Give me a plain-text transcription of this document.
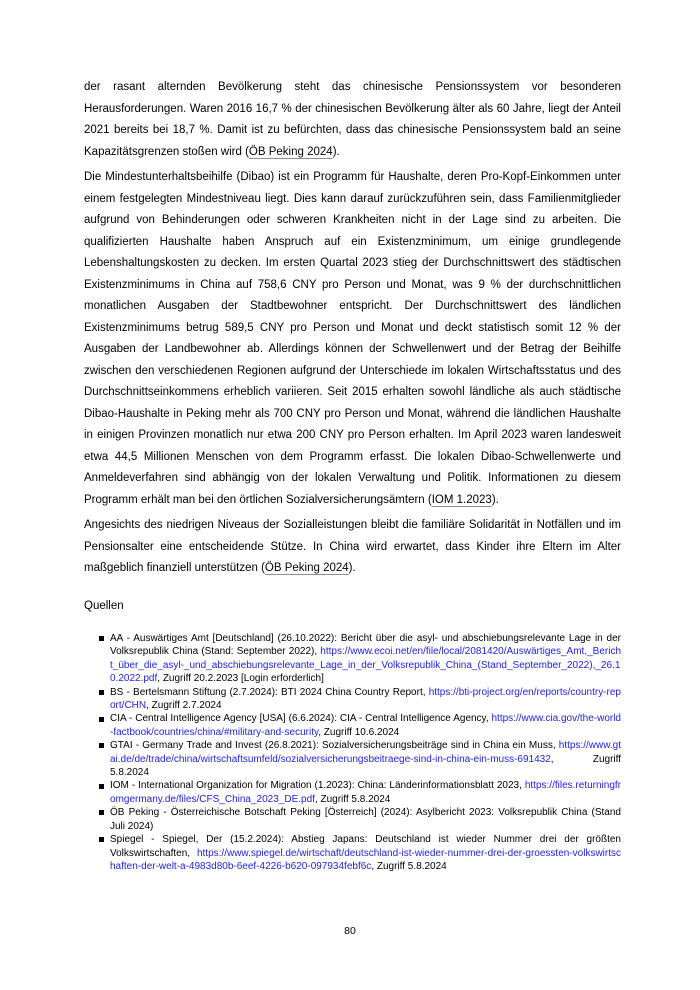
der rasant alternden Bevölkerung steht das chinesische Pensionssystem vor besonderen Herausforderungen. Waren 2016 16,7 % der chinesischen Bevölkerung älter als 60 Jahre, liegt der Anteil 2021 bereits bei 18,7 %. Damit ist zu befürchten, dass das chinesische Pensionssystem bald an seine Kapazitätsgrenzen stoßen wird (ÖB Peking 2024).

Die Mindestunterhaltsbeihilfe (Dibao) ist ein Programm für Haushalte, deren Pro-Kopf-Einkommen unter einem festgelegten Mindestniveau liegt. Dies kann darauf zurückzuführen sein, dass Familienmitglieder aufgrund von Behinderungen oder schweren Krankheiten nicht in der Lage sind zu arbeiten. Die qualifizierten Haushalte haben Anspruch auf ein Existenzminimum, um einige grundlegende Lebenshaltungskosten zu decken. Im ersten Quartal 2023 stieg der Durchschnittswert des städtischen Existenzminimums in China auf 758,6 CNY pro Person und Monat, was 9 % der durchschnittlichen monatlichen Ausgaben der Stadtbewohner entspricht. Der Durchschnittswert des ländlichen Existenzminimums betrug 589,5 CNY pro Person und Monat und deckt statistisch somit 12 % der Ausgaben der Landbewohner ab. Allerdings können der Schwellenwert und der Betrag der Beihilfe zwischen den verschiedenen Regionen aufgrund der Unterschiede im lokalen Wirtschaftsstatus und des Durchschnittseinkommens erheblich variieren. Seit 2015 erhalten sowohl ländliche als auch städtische Dibao-Haushalte in Peking mehr als 700 CNY pro Person und Monat, während die ländlichen Haushalte in einigen Provinzen monatlich nur etwa 200 CNY pro Person erhalten. Im April 2023 waren landesweit etwa 44,5 Millionen Menschen von dem Programm erfasst. Die lokalen Dibao-Schwellenwerte und Anmeldeverfahren sind abhängig von der lokalen Verwaltung und Politik. Informationen zu diesem Programm erhält man bei den örtlichen Sozialversicherungsämtern (IOM 1.2023).

Angesichts des niedrigen Niveaus der Sozialleistungen bleibt die familiäre Solidarität in Notfällen und im Pensionsalter eine entscheidende Stütze. In China wird erwartet, dass Kinder ihre Eltern im Alter maßgeblich finanziell unterstützen (ÖB Peking 2024).

Quellen
AA - Auswärtiges Amt [Deutschland] (26.10.2022): Bericht über die asyl- und abschiebungsrelevante Lage in der Volksrepublik China (Stand: September 2022), https://www.ecoi.net/en/file/local/2081420/Auswärtiges_Amt,_Bericht_über_die_asyl-_und_abschiebungsrelevante_Lage_in_der_Volksrepublik_China_(Stand_September_2022),_26.10.2022.pdf, Zugriff 20.2.2023 [Login erforderlich]
BS - Bertelsmann Stiftung (2.7.2024): BTI 2024 China Country Report, https://bti-project.org/en/reports/country-report/CHN, Zugriff 2.7.2024
CIA - Central Intelligence Agency [USA] (6.6.2024): CIA - Central Intelligence Agency, https://www.cia.gov/the-world-factbook/countries/china/#military-and-security, Zugriff 10.6.2024
GTAI - Germany Trade and Invest (26.8.2021): Sozialversicherungsbeiträge sind in China ein Muss, https://www.gtai.de/de/trade/china/wirtschaftsumfeld/sozialversicherungsbeitraege-sind-in-china-ein-muss-691432, Zugriff 5.8.2024
IOM - International Organization for Migration (1.2023): China: Länderinformationsblatt 2023, https://files.returningfromgermany.de/files/CFS_China_2023_DE.pdf, Zugriff 5.8.2024
ÖB Peking - Österreichische Botschaft Peking [Österreich] (2024): Asylbericht 2023: Volksrepublik China (Stand Juli 2024)
Spiegel - Spiegel, Der (15.2.2024): Abstieg Japans: Deutschland ist wieder Nummer drei der größten Volkswirtschaften, https://www.spiegel.de/wirtschaft/deutschland-ist-wieder-nummer-drei-der-groessten-volkswirtschaften-der-welt-a-4983d80b-6eef-4226-b620-097934febf6c, Zugriff 5.8.2024
80
